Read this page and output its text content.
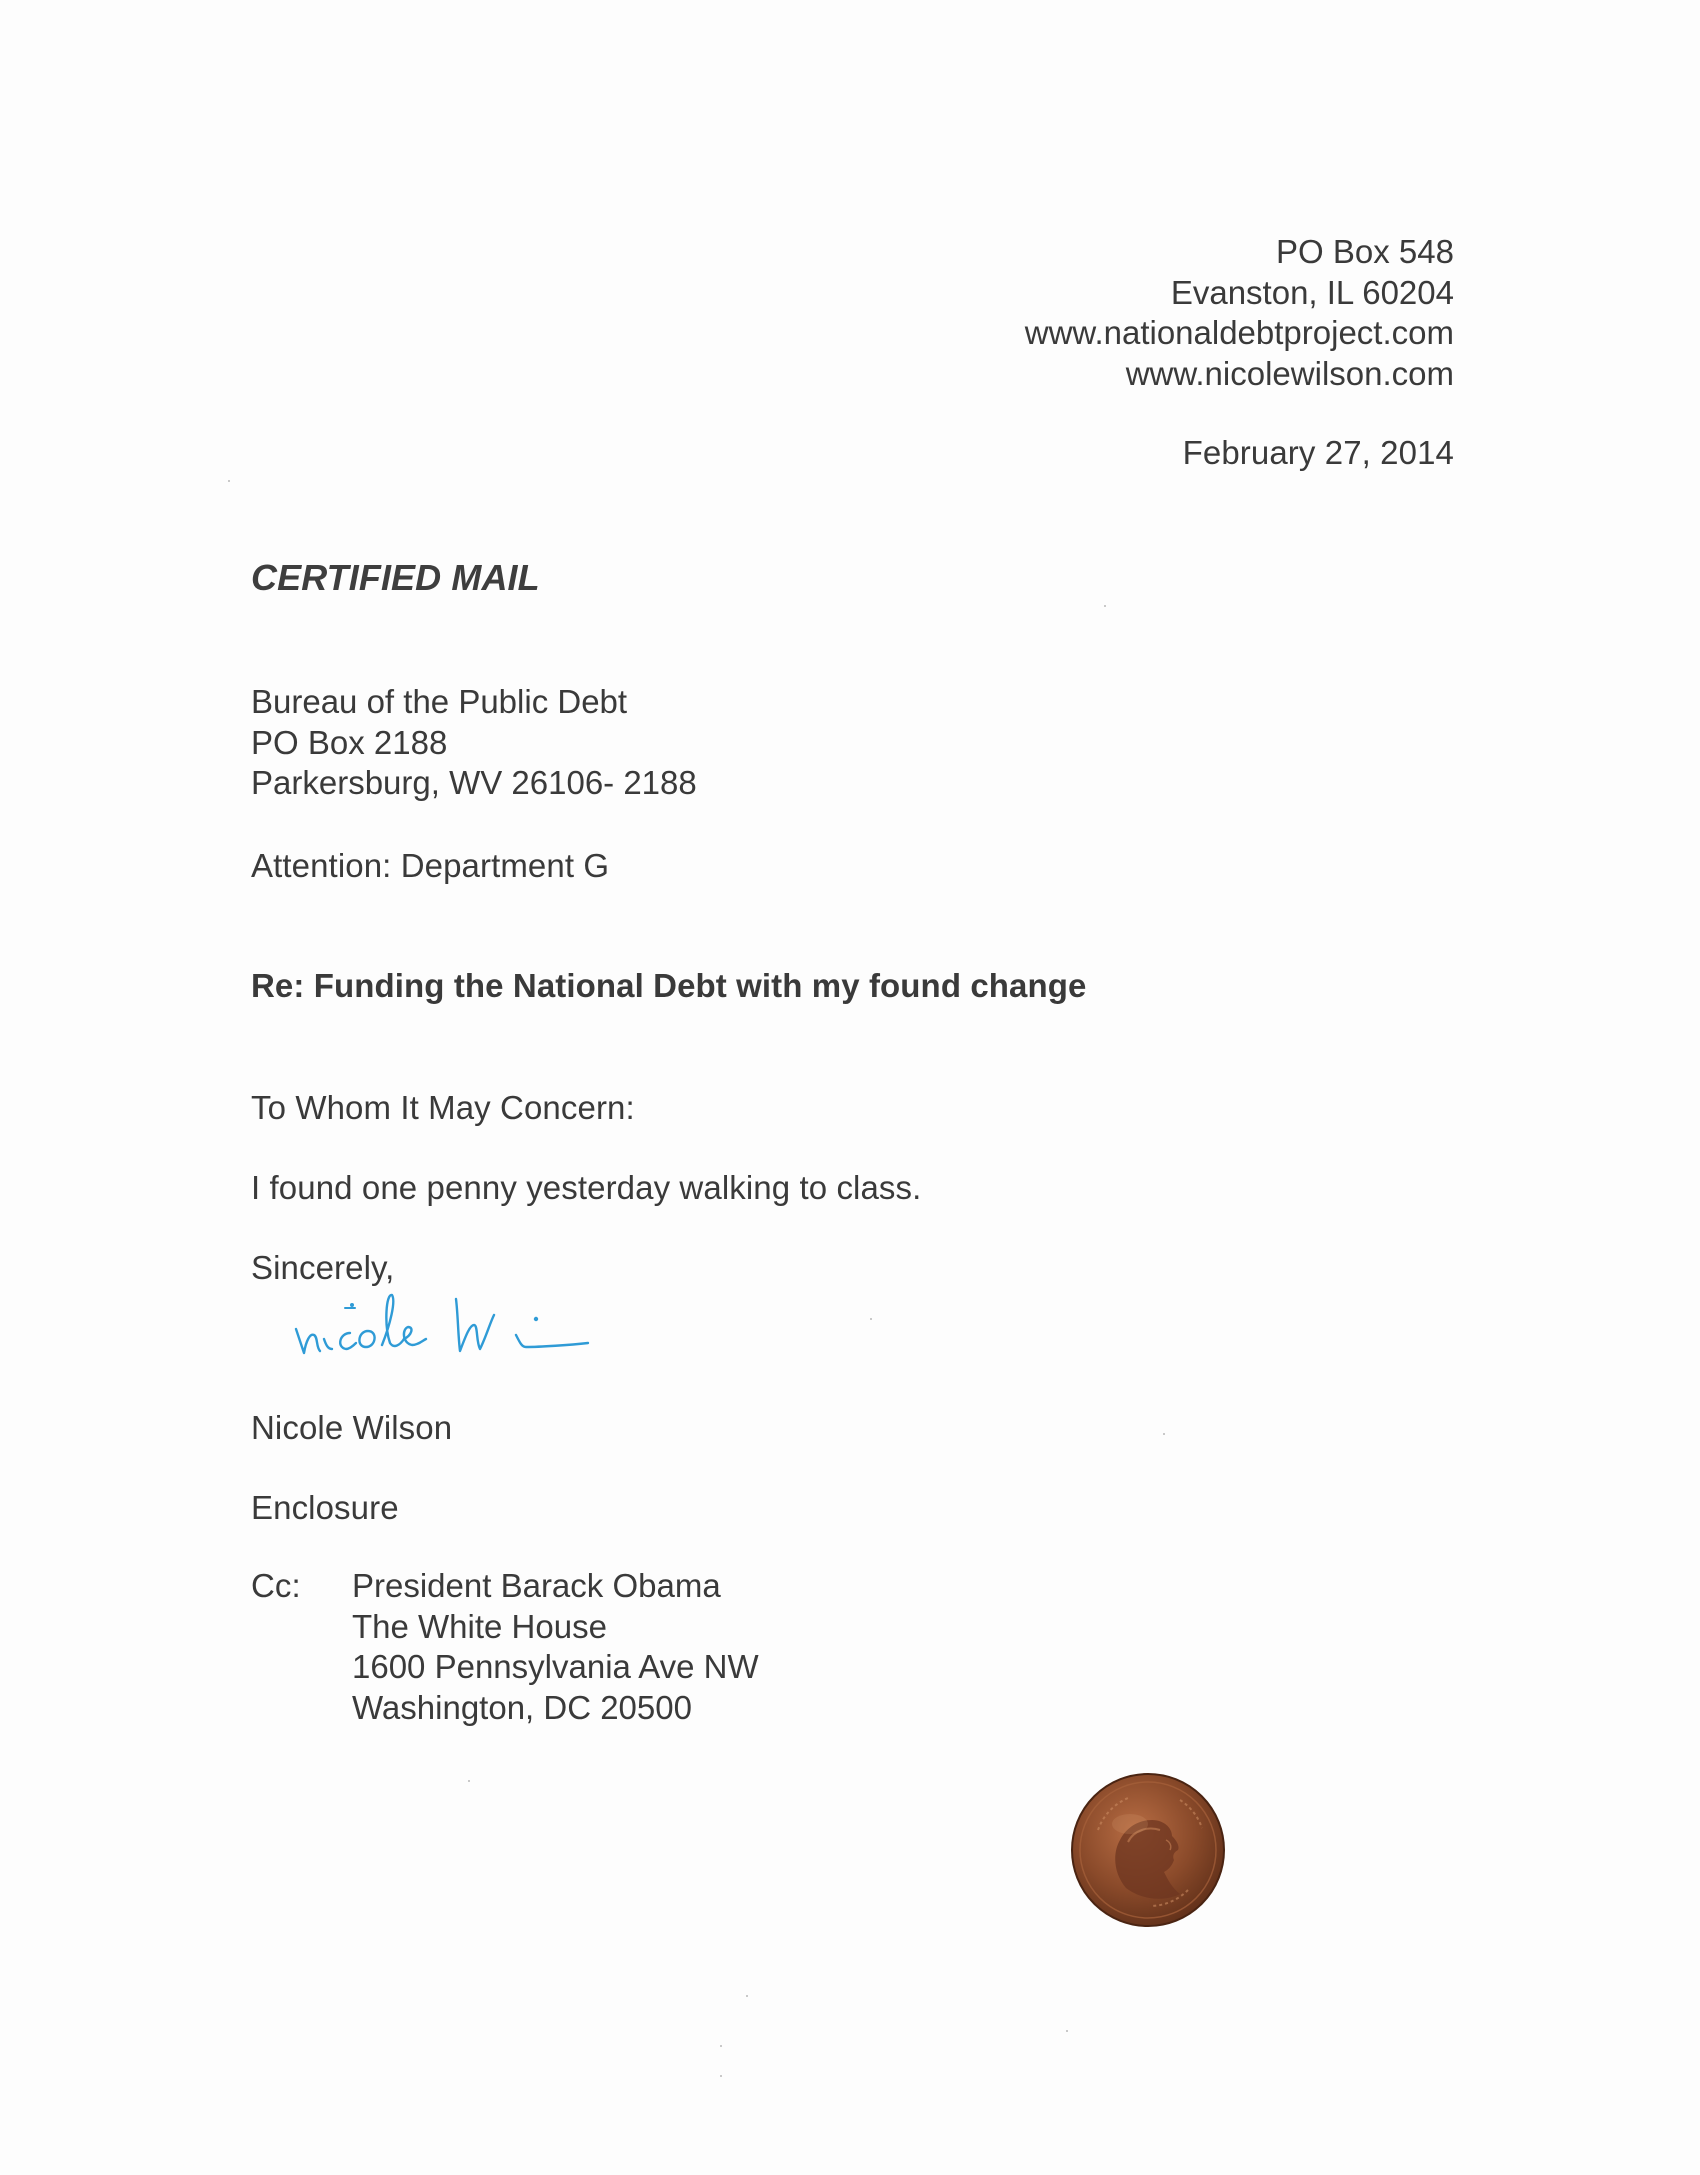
PO Box 548
Evanston, IL 60204
www.nationaldebtproject.com
www.nicolewilson.com
February 27, 2014
CERTIFIED MAIL
Bureau of the Public Debt
PO Box 2188
Parkersburg, WV 26106- 2188
Attention: Department G
Re: Funding the National Debt with my found change
To Whom It May Concern:
I found one penny yesterday walking to class.
Sincerely,
Nicole Wilson
Enclosure
Cc: President Barack Obama
The White House
1600 Pennsylvania Ave NW
Washington, DC 20500
